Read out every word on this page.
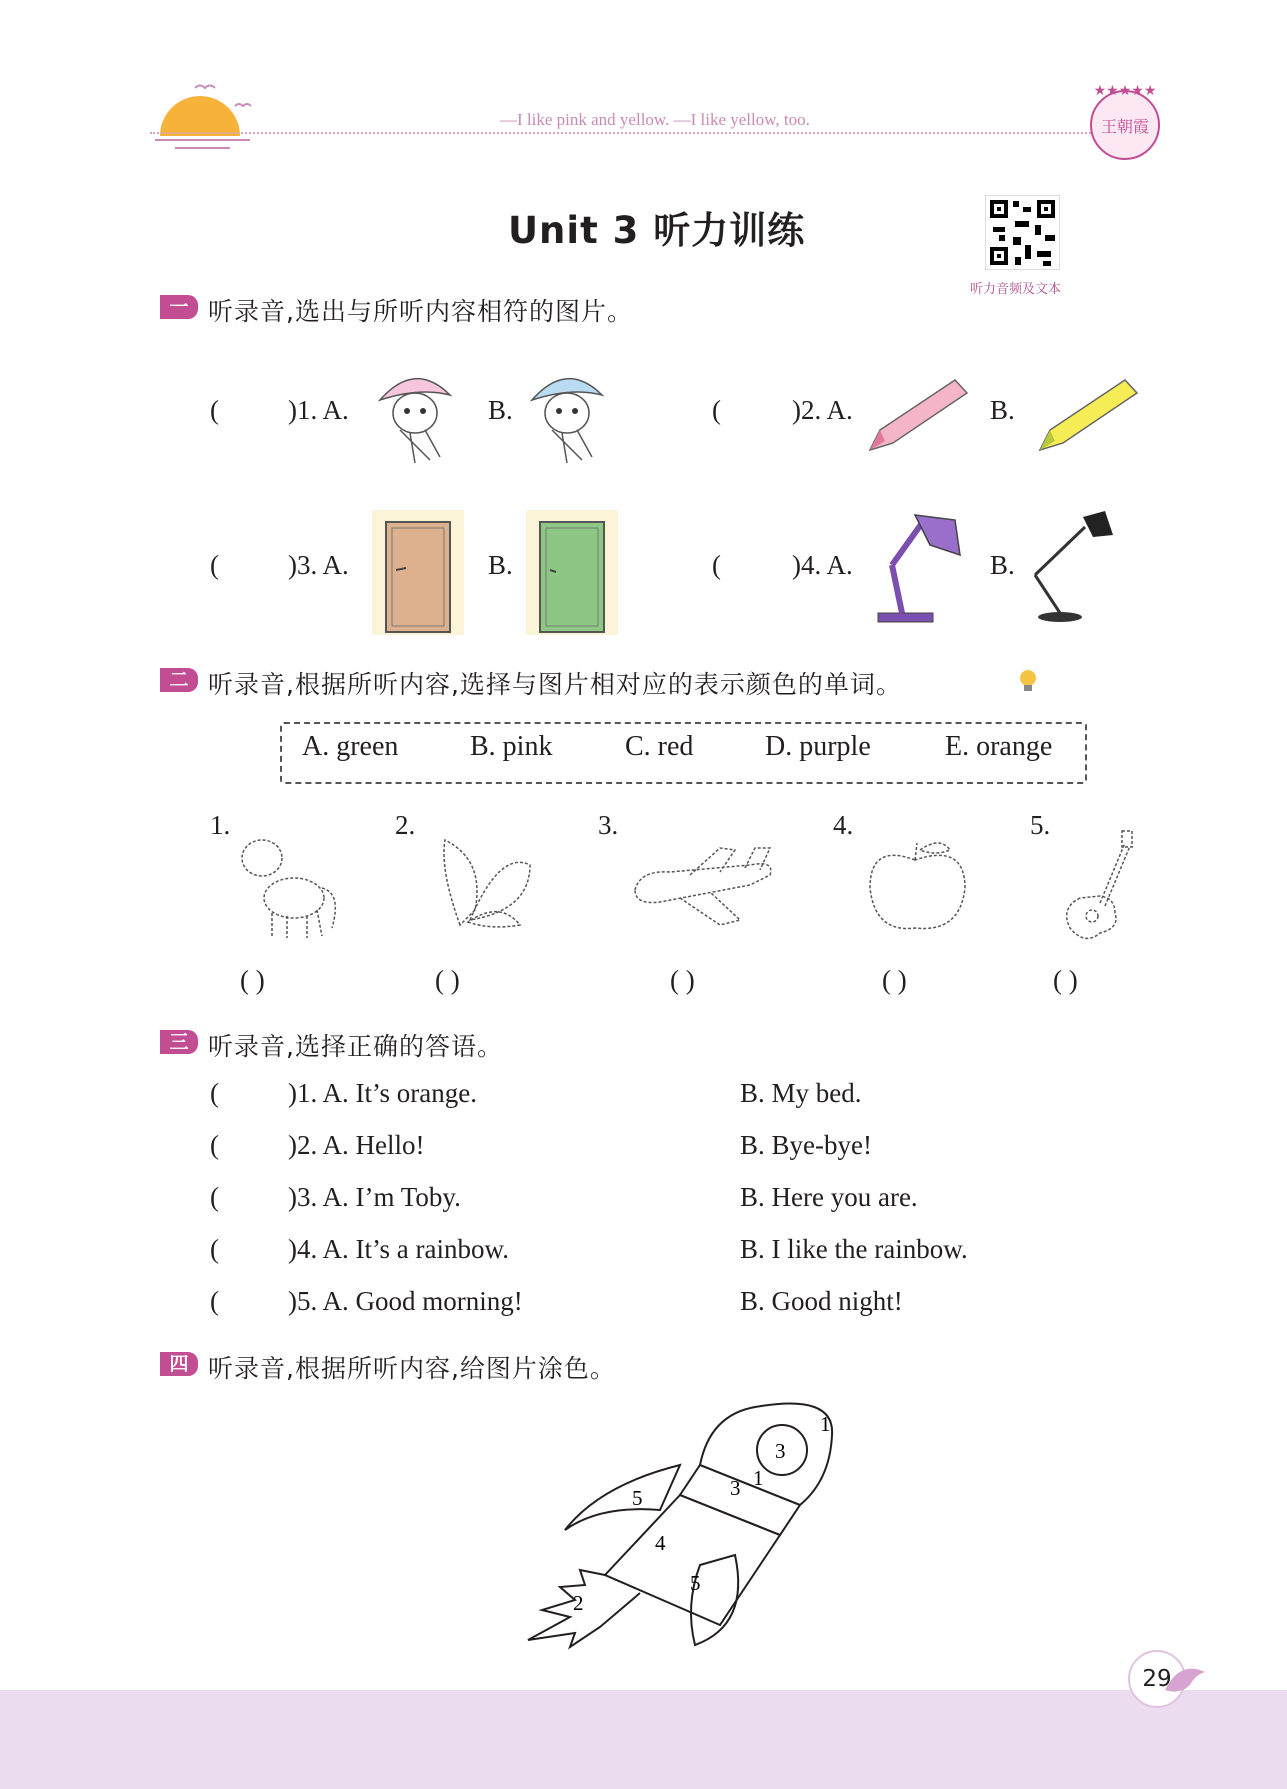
—I like pink and yellow. —I like yellow, too.
★★★★★
王朝霞
Unit 3 听力训练
听力音频及文本
一 听录音,选出与所听内容相符的图片。
(	)1. A.	B.	(	)2. A.	B.
(	)3. A.	B.	(	)4. A.	B.
二 听录音,根据所听内容,选择与图片相对应的表示颜色的单词。
A. green	B. pink	C. red	D. purple	E. orange
1.	2.	3.	4.	5.
( )	( )	( )	( )	( )
三 听录音,选择正确的答语。
(	)1. A. It’s orange.	B. My bed.
(	)2. A. Hello!	B. Bye-bye!
(	)3. A. I’m Toby.	B. Here you are.
(	)4. A. It’s a rainbow.	B. I like the rainbow.
(	)5. A. Good morning!	B. Good night!
四 听录音,根据所听内容,给图片涂色。
1
3
1
3
5
4
5
2
29
